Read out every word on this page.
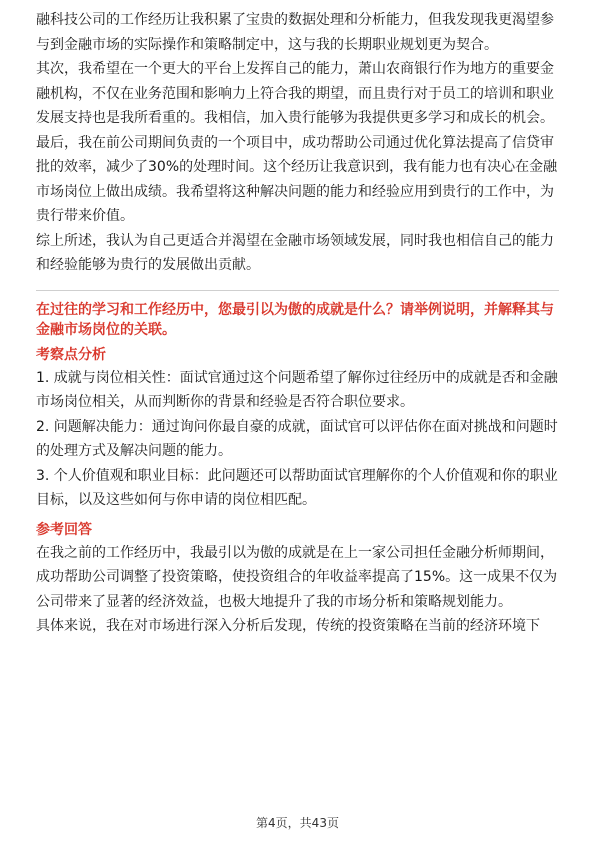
融科技公司的工作经历让我积累了宝贵的数据处理和分析能力，但我发现我更渴望参与到金融市场的实际操作和策略制定中，这与我的长期职业规划更为契合。

其次，我希望在一个更大的平台上发挥自己的能力，萧山农商银行作为地方的重要金融机构，不仅在业务范围和影响力上符合我的期望，而且贵行对于员工的培训和职业发展支持也是我所看重的。我相信，加入贵行能够为我提供更多学习和成长的机会。

最后，我在前公司期间负责的一个项目中，成功帮助公司通过优化算法提高了信贷审批的效率，减少了30%的处理时间。这个经历让我意识到，我有能力也有决心在金融市场岗位上做出成绩。我希望将这种解决问题的能力和经验应用到贵行的工作中，为贵行带来价值。

综上所述，我认为自己更适合并渴望在金融市场领域发展，同时我也相信自己的能力和经验能够为贵行的发展做出贡献。

在过往的学习和工作经历中，您最引以为傲的成就是什么？请举例说明，并解释其与金融市场岗位的关联。
考察点分析

1. 成就与岗位相关性：面试官通过这个问题希望了解你过往经历中的成就是否和金融市场岗位相关，从而判断你的背景和经验是否符合职位要求。

2. 问题解决能力：通过询问你最自豪的成就，面试官可以评估你在面对挑战和问题时的处理方式及解决问题的能力。

3. 个人价值观和职业目标：此问题还可以帮助面试官理解你的个人价值观和你的职业目标，以及这些如何与你申请的岗位相匹配。

参考回答

在我之前的工作经历中，我最引以为傲的成就是在上一家公司担任金融分析师期间，成功帮助公司调整了投资策略，使投资组合的年收益率提高了15%。这一成果不仅为公司带来了显著的经济效益，也极大地提升了我的市场分析和策略规划能力。

具体来说，我在对市场进行深入分析后发现，传统的投资策略在当前的经济环境下

第4页，共43页
